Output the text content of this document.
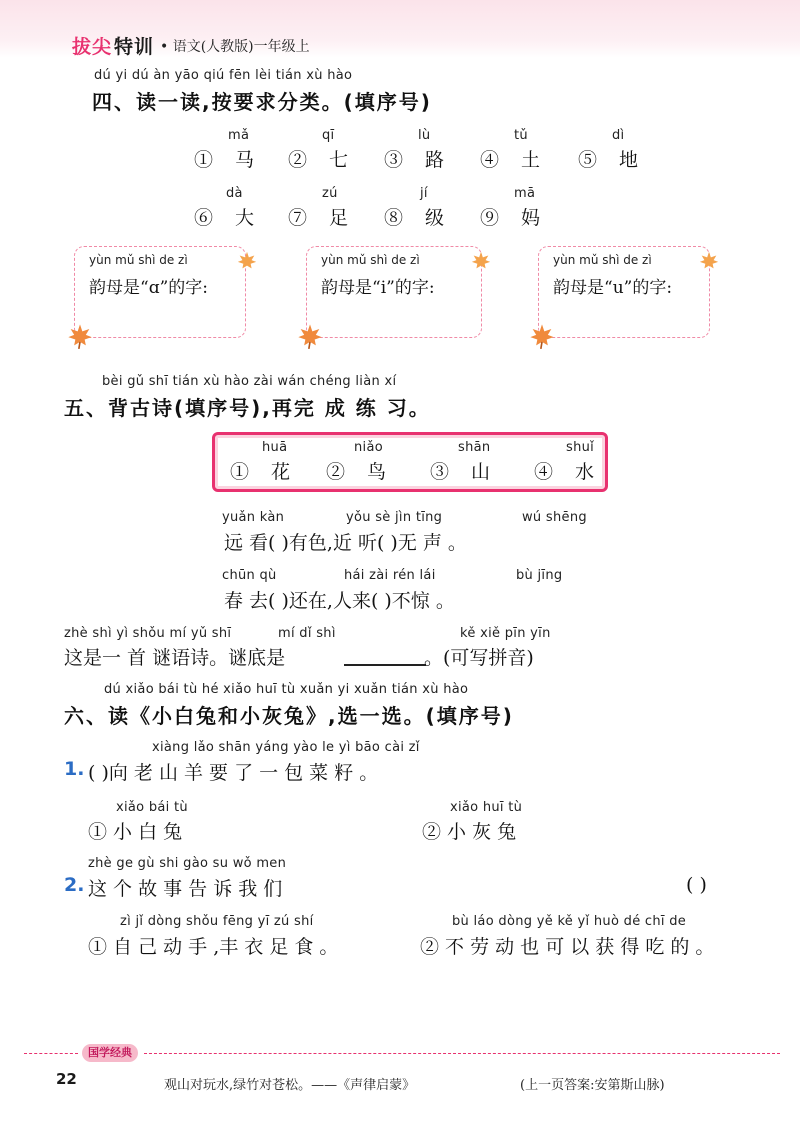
拔尖 特训 • 语文(人教版)一年级上
dú yi dú àn yāo qiú fēn lèi tián xù hào
四、读一读,按要求分类。(填序号)
mǎ
① 马
qī
② 七
lù
③ 路
tǔ
④ 土
dì
⑤ 地
dà
⑥ 大
zú
⑦ 足
jí
⑧ 级
mā
⑨ 妈
yùn mǔ shì de zì
韵母是“ɑ”的字:
yùn mǔ shì de zì
韵母是“i”的字:
yùn mǔ shì de zì
韵母是“u”的字:
bèi gǔ shī tián xù hào zài wán chéng liàn xí
五、背古诗(填序号),再完 成 练 习。
huā
① 花
niǎo
② 鸟
shān
③ 山
shuǐ
④ 水
yuǎn kàn	yǒu sè jìn tīng	wú shēng
远 看( )有色,近 听( )无 声 。
chūn qù	hái zài rén lái	bù jīng
春 去( )还在,人来( )不惊 。
zhè shì yì shǒu mí yǔ shī	mí dǐ shì	kě xiě pīn yīn
这是一 首 谜语诗。谜底是	。(可写拼音)
dú xiǎo bái tù hé xiǎo huī tù xuǎn yi xuǎn tián xù hào
六、读《小白兔和小灰兔》,选一选。(填序号)
xiàng lǎo shān yáng yào le yì bāo cài zǐ
1. ( )向 老 山 羊 要 了 一 包 菜 籽 。
xiǎo bái tù
① 小 白 兔
xiǎo huī tù
② 小 灰 兔
zhè ge gù shi gào su wǒ men
2. 这 个 故 事 告 诉 我 们	( )
zì jǐ dòng shǒu fēng yī zú shí
① 自 己 动 手 ,丰 衣 足 食 。
bù láo dòng yě kě yǐ huò dé chī de
② 不 劳 动 也 可 以 获 得 吃 的 。
国学经典
22	观山对玩水,绿竹对苍松。——《声律启蒙》	(上一页答案:安第斯山脉)
